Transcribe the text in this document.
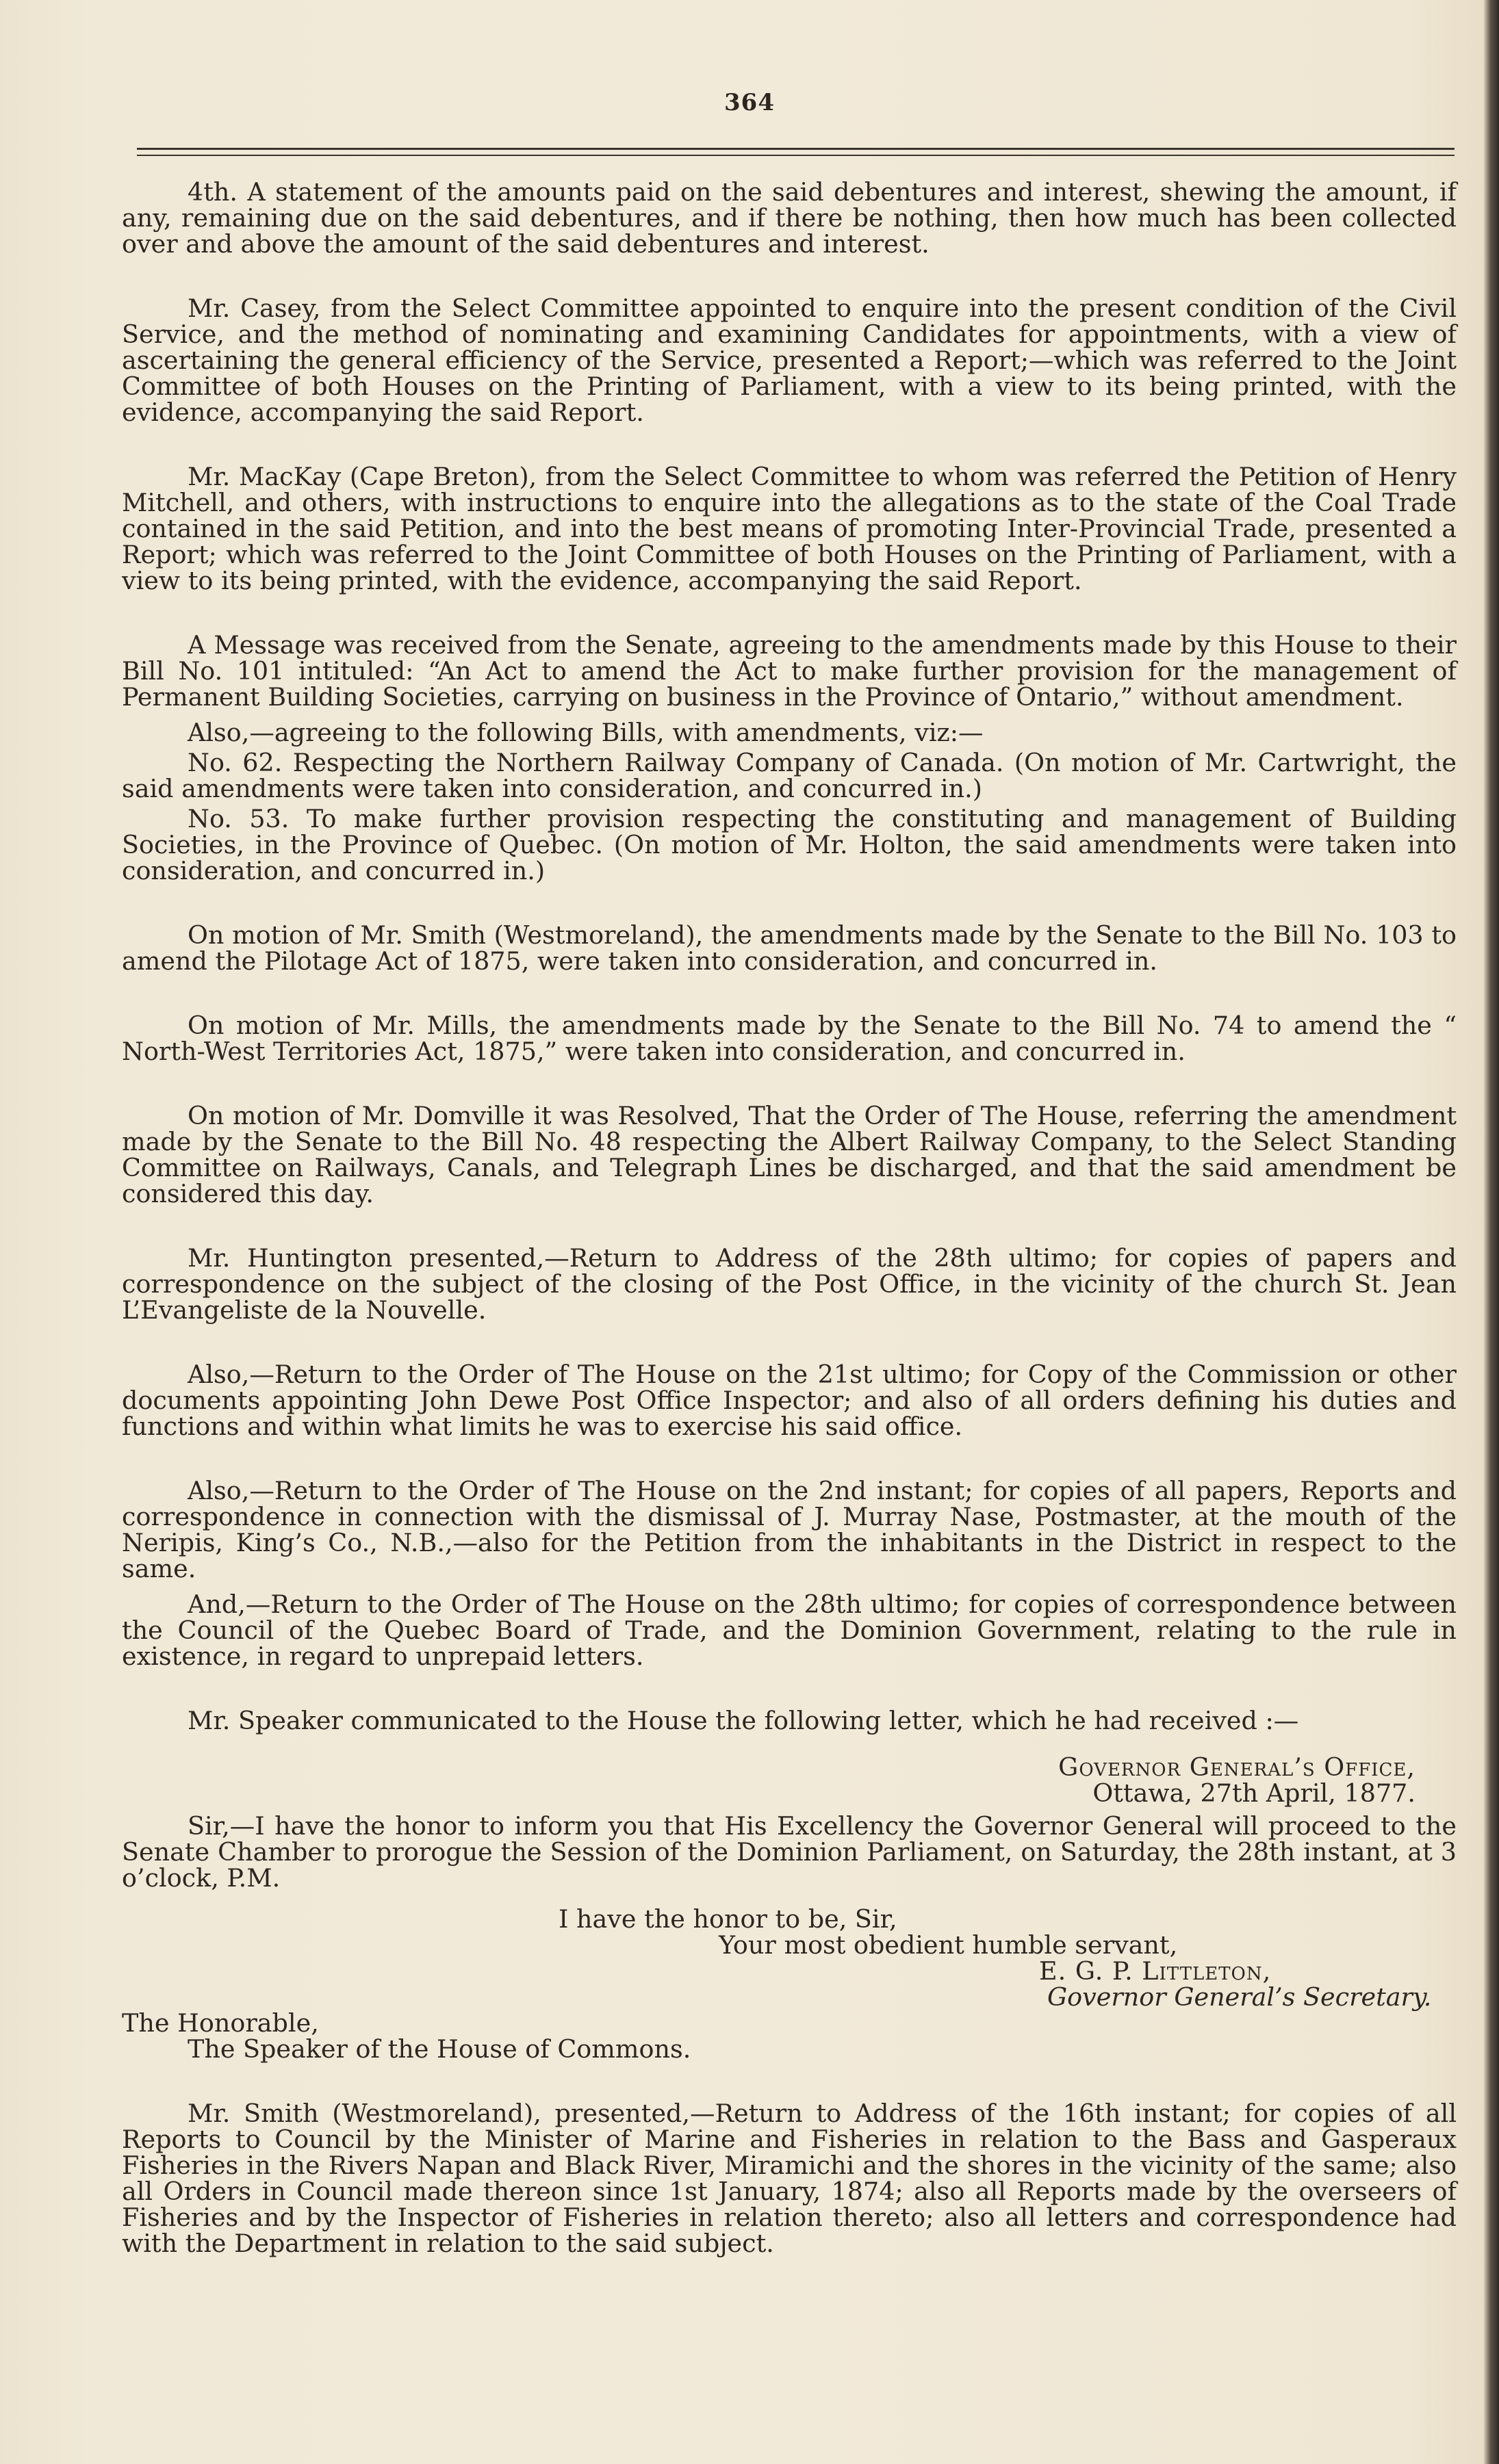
364

4th. A statement of the amounts paid on the said debentures and interest, shewing the amount, if any, remaining due on the said debentures, and if there be nothing, then how much has been collected over and above the amount of the said debentures and interest.

Mr. Casey, from the Select Committee appointed to enquire into the present condition of the Civil Service, and the method of nominating and examining Candidates for appointments, with a view of ascertaining the general efficiency of the Service, presented a Report;—which was referred to the Joint Committee of both Houses on the Printing of Parliament, with a view to its being printed, with the evidence, accompanying the said Report.

Mr. MacKay (Cape Breton), from the Select Committee to whom was referred the Petition of Henry Mitchell, and others, with instructions to enquire into the allegations as to the state of the Coal Trade contained in the said Petition, and into the best means of promoting Inter-Provincial Trade, presented a Report; which was referred to the Joint Committee of both Houses on the Printing of Parliament, with a view to its being printed, with the evidence, accompanying the said Report.

A Message was received from the Senate, agreeing to the amendments made by this House to their Bill No. 101 intituled: “An Act to amend the Act to make further provision for the management of Permanent Building Societies, carrying on business in the Province of Ontario,” without amendment.

Also,—agreeing to the following Bills, with amendments, viz:—

No. 62. Respecting the Northern Railway Company of Canada. (On motion of Mr. Cartwright, the said amendments were taken into consideration, and concurred in.)

No. 53. To make further provision respecting the constituting and management of Building Societies, in the Province of Quebec. (On motion of Mr. Holton, the said amendments were taken into consideration, and concurred in.)

On motion of Mr. Smith (Westmoreland), the amendments made by the Senate to the Bill No. 103 to amend the Pilotage Act of 1875, were taken into consideration, and concurred in.

On motion of Mr. Mills, the amendments made by the Senate to the Bill No. 74 to amend the “ North-West Territories Act, 1875,” were taken into consideration, and concurred in.

On motion of Mr. Domville it was Resolved, That the Order of The House, referring the amendment made by the Senate to the Bill No. 48 respecting the Albert Railway Company, to the Select Standing Committee on Railways, Canals, and Telegraph Lines be discharged, and that the said amendment be considered this day.

Mr. Huntington presented,—Return to Address of the 28th ultimo; for copies of papers and correspondence on the subject of the closing of the Post Office, in the vicinity of the church St. Jean L’Evangeliste de la Nouvelle.

Also,—Return to the Order of The House on the 21st ultimo; for Copy of the Commission or other documents appointing John Dewe Post Office Inspector; and also of all orders defining his duties and functions and within what limits he was to exercise his said office.

Also,—Return to the Order of The House on the 2nd instant; for copies of all papers, Reports and correspondence in connection with the dismissal of J. Murray Nase, Postmaster, at the mouth of the Neripis, King’s Co., N.B.,—also for the Petition from the inhabitants in the District in respect to the same.

And,—Return to the Order of The House on the 28th ultimo; for copies of correspondence between the Council of the Quebec Board of Trade, and the Dominion Government, relating to the rule in existence, in regard to unprepaid letters.

Mr. Speaker communicated to the House the following letter, which he had received :—

Governor General’s Office,
Ottawa, 27th April, 1877.

Sir,—I have the honor to inform you that His Excellency the Governor General will proceed to the Senate Chamber to prorogue the Session of the Dominion Parliament, on Saturday, the 28th instant, at 3 o’clock, P.M.

I have the honor to be, Sir,
Your most obedient humble servant,
E. G. P. Littleton,
Governor General’s Secretary.
The Honorable,
The Speaker of the House of Commons.

Mr. Smith (Westmoreland), presented,—Return to Address of the 16th instant; for copies of all Reports to Council by the Minister of Marine and Fisheries in relation to the Bass and Gasperaux Fisheries in the Rivers Napan and Black River, Miramichi and the shores in the vicinity of the same; also all Orders in Council made thereon since 1st January, 1874; also all Reports made by the overseers of Fisheries and by the Inspector of Fisheries in relation thereto; also all letters and correspondence had with the Department in relation to the said subject.
